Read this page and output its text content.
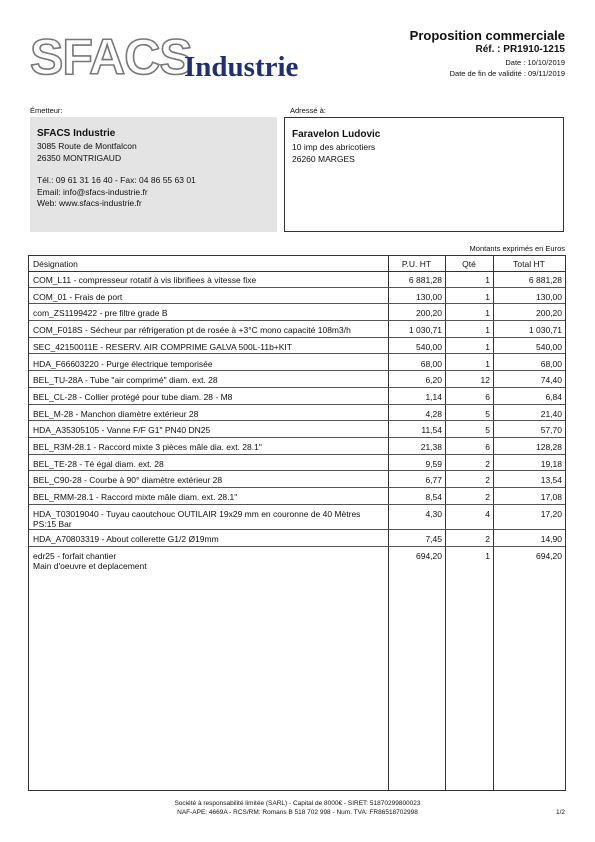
SFACS
Industrie
Proposition commerciale
Réf. : PR1910-1215
Date : 10/10/2019
Date de fin de validité : 09/11/2019
Émetteur:
SFACS Industrie
3085 Route de Montfalcon
26350 MONTRIGAUD
Tél.: 09 61 31 16 40 - Fax: 04 86 55 63 01
Email: info@sfacs-industrie.fr
Web: www.sfacs-industrie.fr
Adressé à:
Faravelon Ludovic
10 imp des abricotiers
26260 MARGES
Montants exprimés en Euros
Désignation	P.U. HT	Qté	Total HT
COM_L11 - compresseur rotatif à vis librifiees à vitesse fixe	6 881,28	1	6 881,28
COM_01 - Frais de port	130,00	1	130,00
com_ZS1199422 - pre filtre grade B	200,20	1	200,20
COM_F018S - Sécheur par réfrigeration pt de rosée à +3°C mono capacité 108m3/h	1 030,71	1	1 030,71
SEC_42150011E - RESERV. AIR COMPRIME GALVA 500L-11b+KIT	540,00	1	540,00
HDA_F66603220 - Purge électrique temporisée	68,00	1	68,00
BEL_TU-28A - Tube "air comprimé" diam. ext. 28	6,20	12	74,40
BEL_CL-28 - Collier protégé pour tube diam. 28 - M8	1,14	6	6,84
BEL_M-28 - Manchon diamètre extérieur 28	4,28	5	21,40
HDA_A35305105 - Vanne F/F G1" PN40 DN25	11,54	5	57,70
BEL_R3M-28.1 - Raccord mixte 3 pièces mâle dia. ext. 28.1"	21,38	6	128,28
BEL_TE-28 - Té égal diam. ext. 28	9,59	2	19,18
BEL_C90-28 - Courbe à 90° diamètre extérieur 28	6,77	2	13,54
BEL_RMM-28.1 - Raccord mixte mâle diam. ext. 28.1"	8,54	2	17,08
HDA_T03019040 - Tuyau caoutchouc OUTILAIR 19x29 mm en couronne de 40 Mètres
PS:15 Bar
4,30	4	17,20
HDA_A70803319 - About collerette G1/2 Ø19mm	7,45	2	14,90
edr25 - forfait chantier
Main d'oeuvre et deplacement
694,20	1	694,20
Société à responsabilité limitée (SARL) - Capital de 8000€ - SIRET: 51870299800023
NAF-APE: 4669A - RCS/RM: Romans B 518 702 998 - Num. TVA: FR86518702998	1/2
